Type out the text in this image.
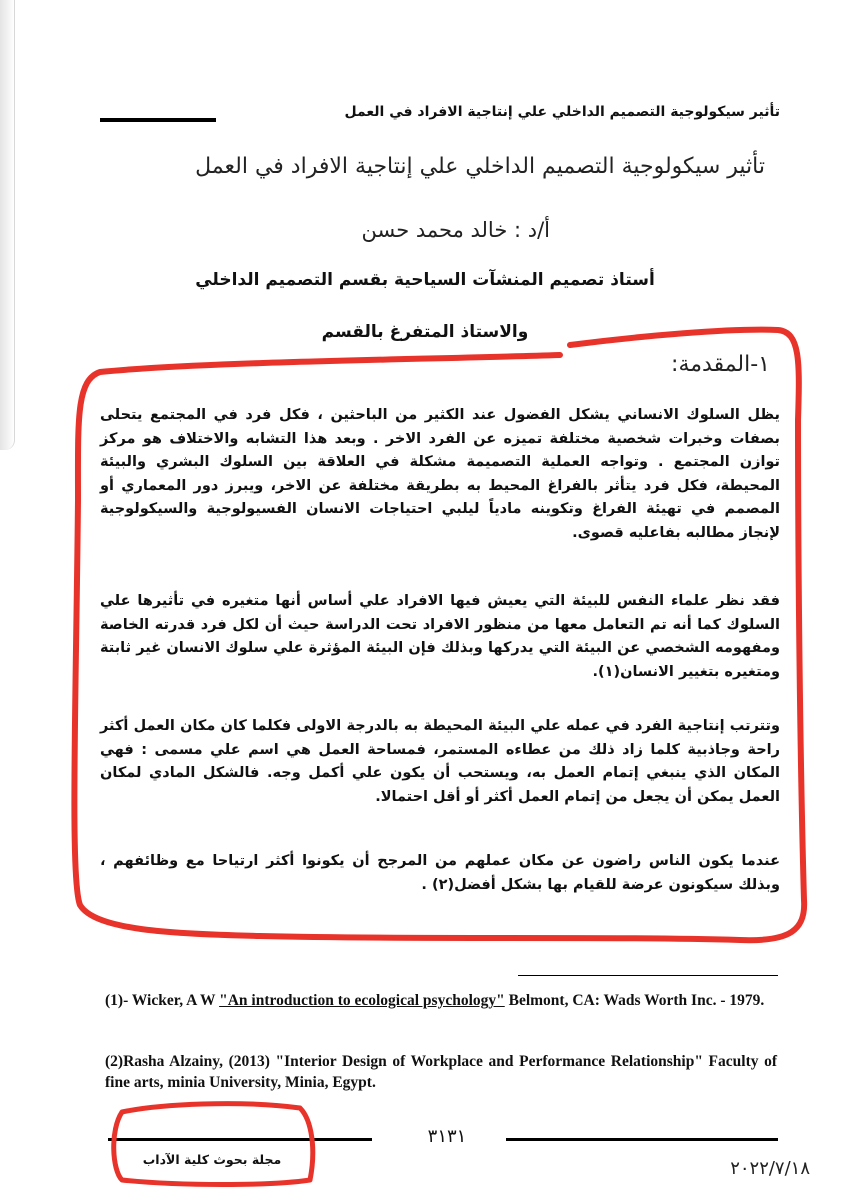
تأثير سيكولوجية التصميم الداخلي علي إنتاجية الافراد في العمل
تأثير سيكولوجية التصميم الداخلي علي إنتاجية الافراد في العمل
أ/د : خالد محمد حسن
أستاذ تصميم المنشآت السياحية بقسم التصميم الداخلي
والاستاذ المتفرغ بالقسم
١-المقدمة:
يظل السلوك الانساني يشكل الفضول عند الكثير من الباحثين ، فكل فرد في المجتمع يتحلى بصفات وخبرات شخصية مختلفة تميزه عن الفرد الاخر . وبعد هذا التشابه والاختلاف هو مركز توازن المجتمع . وتواجه العملية التصميمة مشكلة في العلاقة بين السلوك البشري والبيئة المحيطة، فكل فرد يتأثر بالفراغ المحيط به بطريقة مختلفة عن الاخر، ويبرز دور المعماري أو المصمم في تهيئة الفراغ وتكوينه مادياً ليلبي احتياجات الانسان الفسيولوجية والسيكولوجية لإنجاز مطالبه بفاعليه قصوى.
فقد نظر علماء النفس للبيئة التي يعيش فيها الافراد علي أساس أنها متغيره في تأثيرها علي السلوك كما أنه تم التعامل معها من منظور الافراد تحت الدراسة حيث أن لكل فرد قدرته الخاصة ومفهومه الشخصي عن البيئة التي يدركها وبذلك فإن البيئة المؤثرة علي سلوك الانسان غير ثابتة ومتغيره بتغيير الانسان(١).
وتترتب إنتاجية الفرد في عمله علي البيئة المحيطة به بالدرجة الاولى فكلما كان مكان العمل أكثر راحة وجاذبية كلما زاد ذلك من عطاءه المستمر، فمساحة العمل هي اسم علي مسمى : فهي المكان الذي ينبغي إتمام العمل به، ويستحب أن يكون علي أكمل وجه. فالشكل المادي لمكان العمل يمكن أن يجعل من إتمام العمل أكثر أو أقل احتمالا.
عندما يكون الناس راضون عن مكان عملهم من المرجح أن يكونوا أكثر ارتياحا مع وظائفهم ، وبذلك سيكونون عرضة للقيام بها بشكل أفضل(٢) .
(1)- Wicker, A W "An introduction to ecological psychology" Belmont, CA: Wads Worth Inc. - 1979.
(2)Rasha Alzainy, (2013) "Interior Design of Workplace and Performance Relationship" Faculty of fine arts, minia University, Minia, Egypt.
٣١٣١
مجلة بحوث كلية الآداب	٢٠٢٢/٧/١٨
